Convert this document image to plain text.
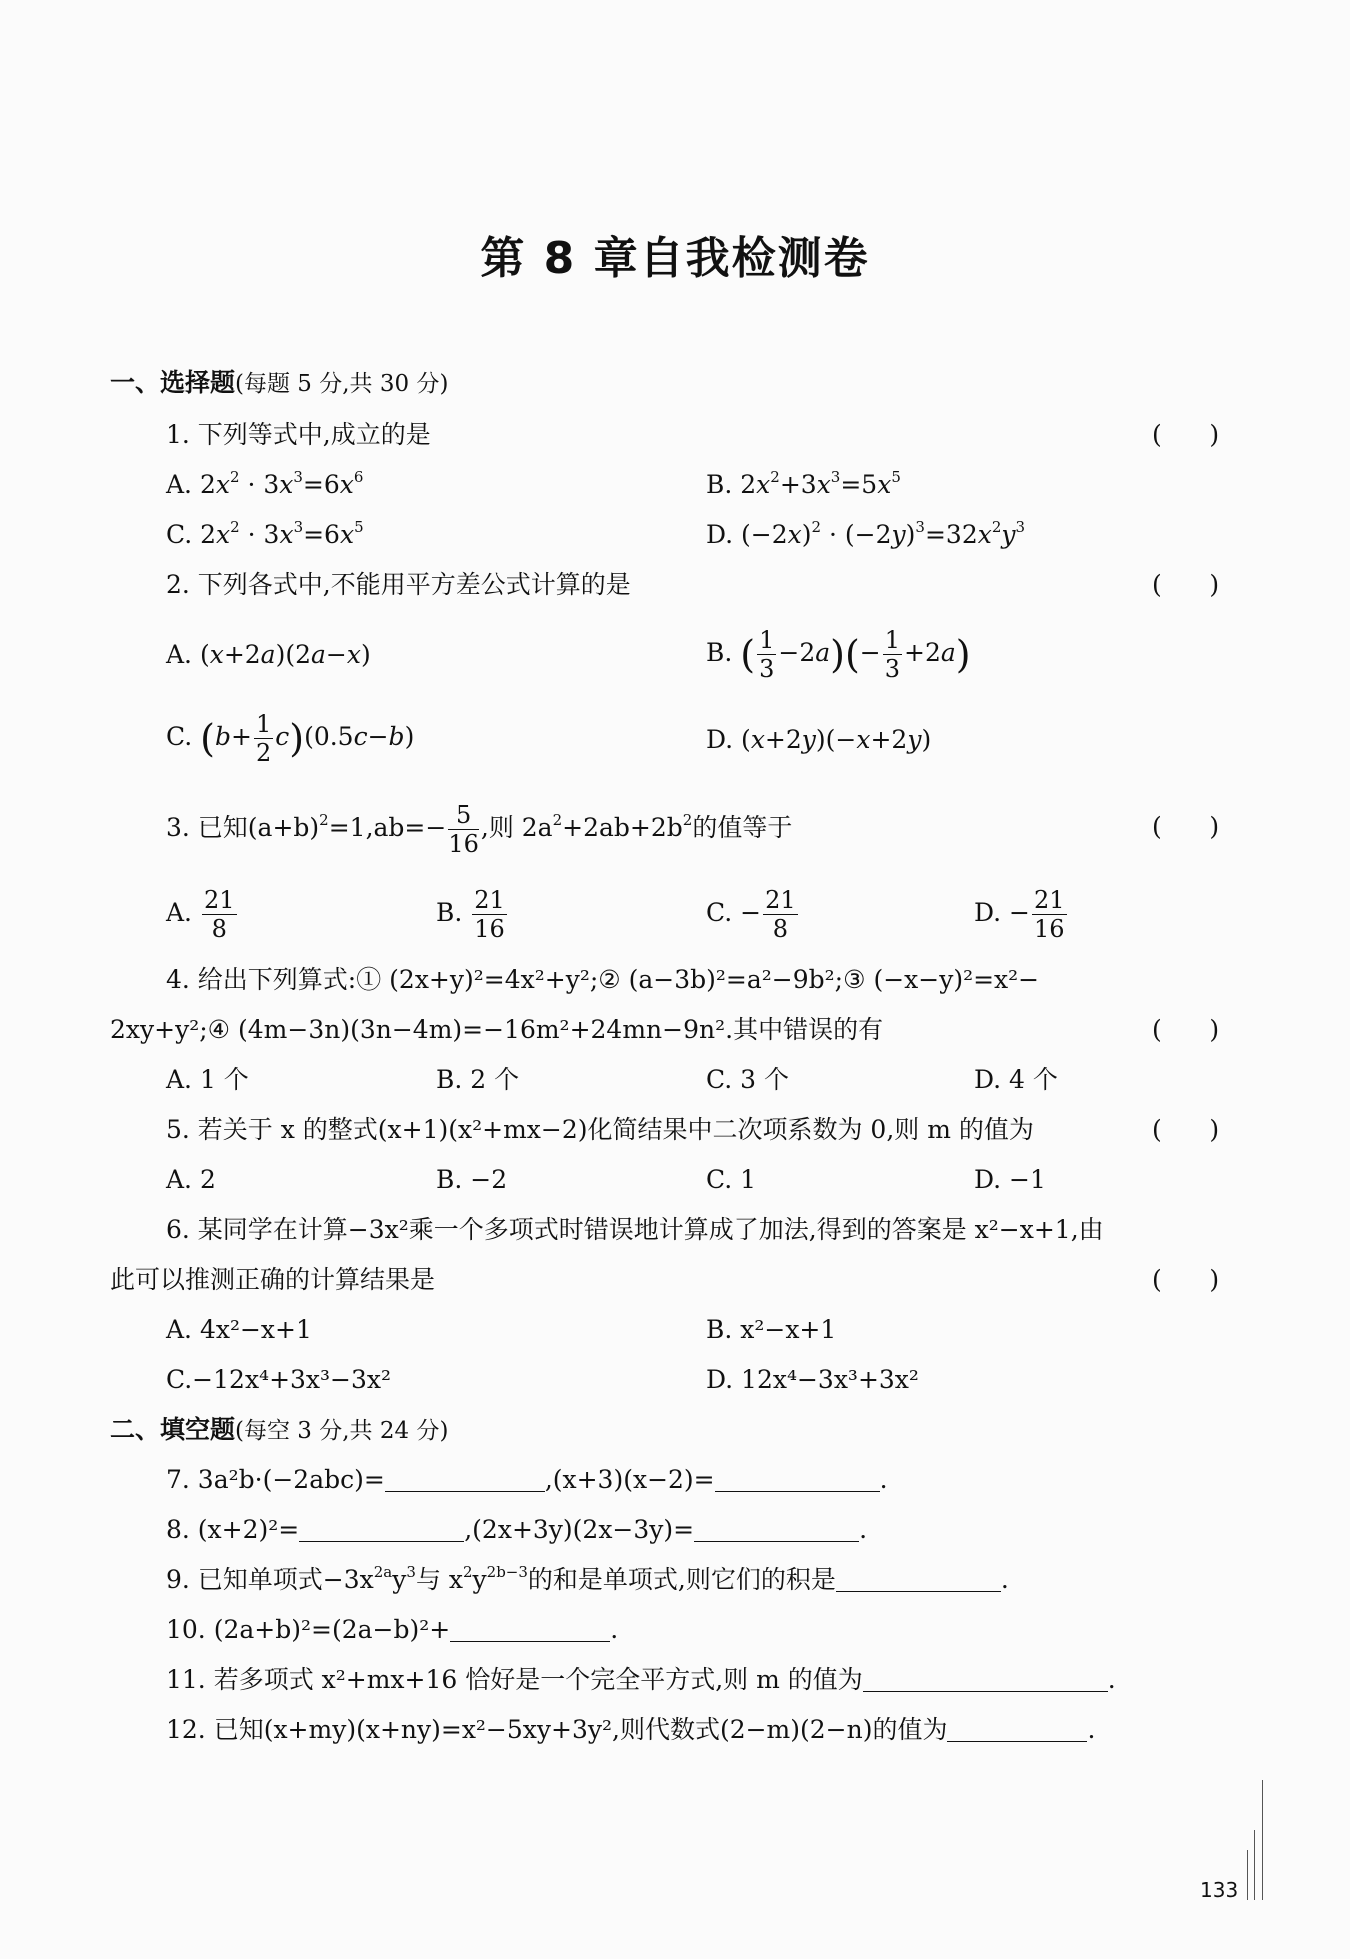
第 8 章自我检测卷
一、选择题(每题 5 分,共 30 分)
1. 下列等式中,成立的是	(      )
A. $2x^2 \cdot 3x^3=6x^6$	B. $2x^2+3x^3=5x^5$
C. $2x^2 \cdot 3x^3=6x^5$	D. $(-2x)^2 \cdot (-2y)^3=32x^2y^3$
2. 下列各式中,不能用平方差公式计算的是	(      )
A. (x+2a)(2a−x)	B. ( $\frac{1}{3} -2a)(- \frac{1}{3} +2a)$
C. $(b+ \frac{1}{2} c)(0.5c-b)$	D. (x+2y)(−x+2y)
3. 已知$(a+b)^2=1,ab=- \frac{5}{16}$ ,则 $2a^2+2ab+2b^2$的值等于	(      )
A. $\frac{21}{8}$	B. $\frac{21}{16}$	C. − $\frac{21}{8}$	D. − $\frac{21}{16}$
4. 给出下列算式:① (2x+y)²=4x²+y²;② (a−3b)²=a²−9b²;③ (−x−y)²=x²−
2xy+y²;④ (4m−3n)(3n−4m)=−16m²+24mn−9n².其中错误的有	(      )
A. 1 个	B. 2 个	C. 3 个	D. 4 个
5. 若关于 x 的整式(x+1)(x²+mx−2)化简结果中二次项系数为 0,则 m 的值为	(      )
A. 2	B. −2	C. 1	D. −1
6. 某同学在计算−3x²乘一个多项式时错误地计算成了加法,得到的答案是 x²−x+1,由
此可以推测正确的计算结果是	(      )
A. 4x²−x+1	B. x²−x+1
C.−12x⁴+3x³−3x²	D. 12x⁴−3x³+3x²
二、填空题(每空 3 分,共 24 分)
7. 3a²b·(−2abc)=	,(x+3)(x−2)=	.
8. (x+2)²=	,(2x+3y)(2x−3y)=	.
9. 已知单项式$-3x^{2a}y^3$与 $x^2y^{2b-3}$的和是单项式,则它们的积是	.
10. (2a+b)²=(2a−b)²+	.
11. 若多项式 x²+mx+16 恰好是一个完全平方式,则 m 的值为	.
12. 已知(x+my)(x+ny)=x²−5xy+3y²,则代数式(2−m)(2−n)的值为	.
133
